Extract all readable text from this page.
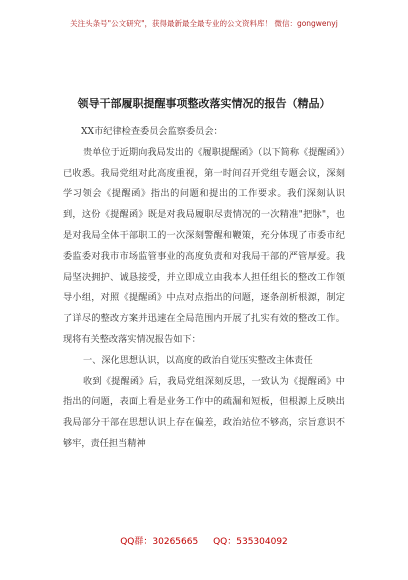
关注头条号"公文研究"，获得最新最全最专业的公文资料库！ 微信：gongwenyj
领导干部履职提醒事项整改落实情况的报告（精品）

XX市纪律检查委员会监察委员会：

贵单位于近期向我局发出的《履职提醒函》（以下简称《提醒函》）已收悉。我局党组对此高度重视，第一时间召开党组专题会议，深刻学习领会《提醒函》指出的问题和提出的工作要求。我们深刻认识到，这份《提醒函》既是对我局履职尽责情况的一次精准"把脉"，也是对我局全体干部职工的一次深刻警醒和鞭策，充分体现了市委市纪委监委对我市市场监管事业的高度负责和对我局干部的严管厚爱。我局坚决拥护、诚恳接受，并立即成立由我本人担任组长的整改工作领导小组，对照《提醒函》中点对点指出的问题，逐条剖析根源，制定了详尽的整改方案并迅速在全局范围内开展了扎实有效的整改工作。现将有关整改落实情况报告如下：

一、深化思想认识，以高度的政治自觉压实整改主体责任

收到《提醒函》后，我局党组深刻反思，一致认为《提醒函》中指出的问题，表面上看是业务工作中的疏漏和短板，但根源上反映出我局部分干部在思想认识上存在偏差，政治站位不够高，宗旨意识不够牢，责任担当精神

QQ群：30265665 QQ：535304092
